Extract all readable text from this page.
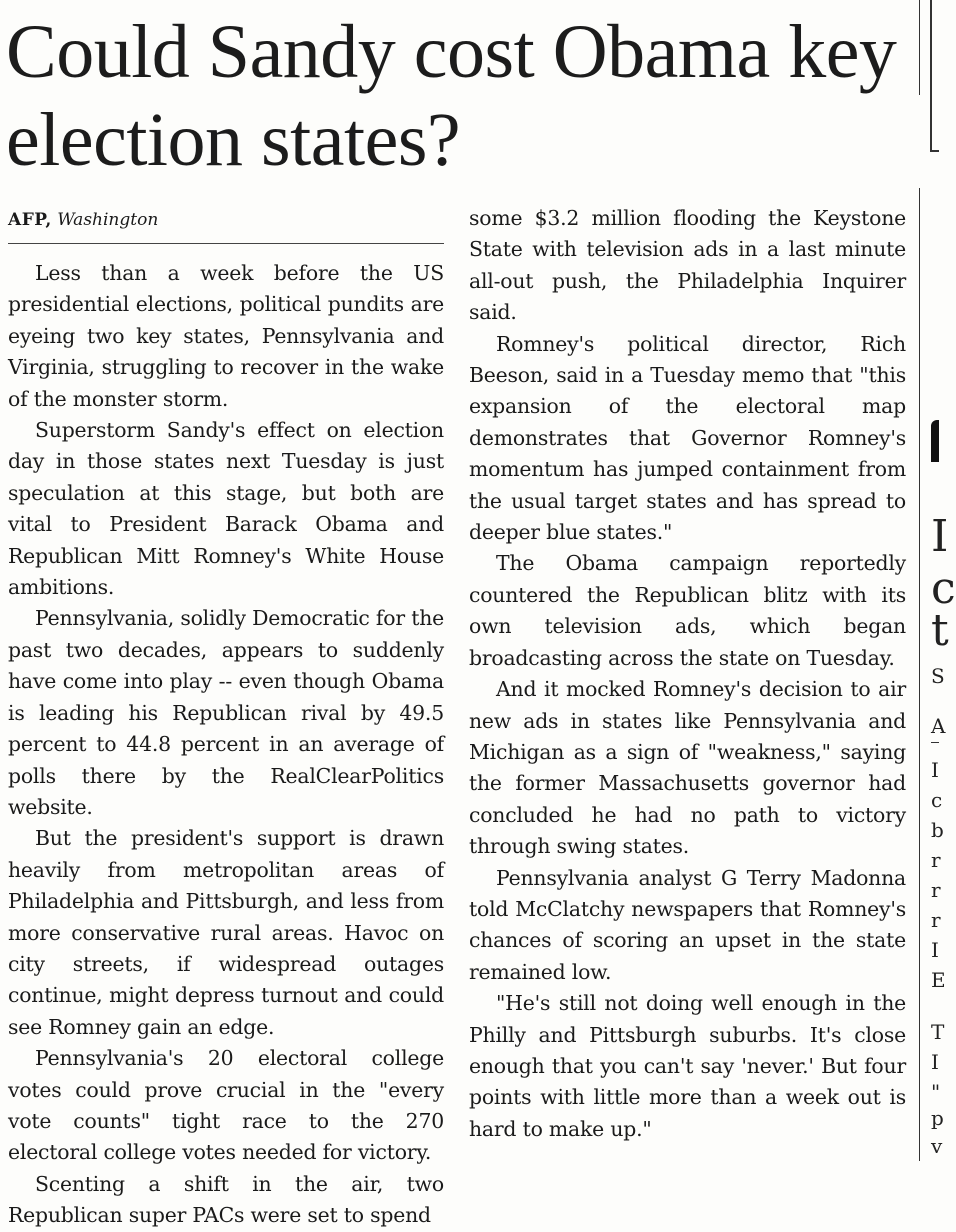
Could Sandy cost Obama key election states?
AFP, Washington

Less than a week before the US presidential elections, political pundits are eyeing two key states, Pennsylvania and Virginia, struggling to recover in the wake of the monster storm.

Superstorm Sandy's effect on election day in those states next Tuesday is just speculation at this stage, but both are vital to President Barack Obama and Republican Mitt Romney's White House ambitions.

Pennsylvania, solidly Democratic for the past two decades, appears to suddenly have come into play -- even though Obama is leading his Republican rival by 49.5 percent to 44.8 percent in an average of polls there by the RealClearPolitics website.

But the president's support is drawn heavily from metropolitan areas of Philadelphia and Pittsburgh, and less from more conservative rural areas. Havoc on city streets, if widespread outages continue, might depress turnout and could see Romney gain an edge.

Pennsylvania's 20 electoral college votes could prove crucial in the "every vote counts" tight race to the 270 electoral college votes needed for victory.

Scenting a shift in the air, two Republican super PACs were set to spend

some $3.2 million flooding the Keystone State with television ads in a last minute all-out push, the Philadelphia Inquirer said.

Romney's political director, Rich Beeson, said in a Tuesday memo that "this expansion of the electoral map demonstrates that Governor Romney's momentum has jumped containment from the usual target states and has spread to deeper blue states."

The Obama campaign reportedly countered the Republican blitz with its own television ads, which began broadcasting across the state on Tuesday.

And it mocked Romney's decision to air new ads in states like Pennsylvania and Michigan as a sign of "weakness," saying the former Massachusetts governor had concluded he had no path to victory through swing states.

Pennsylvania analyst G Terry Madonna told McClatchy newspapers that Romney's chances of scoring an upset in the state remained low.

"He's still not doing well enough in the Philly and Pittsburgh suburbs. It's close enough that you can't say 'never.' But four points with little more than a week out is hard to make up."

I
c
t
S
A
I
c
b
r
r
r
I
E
T
I
"
p
v
